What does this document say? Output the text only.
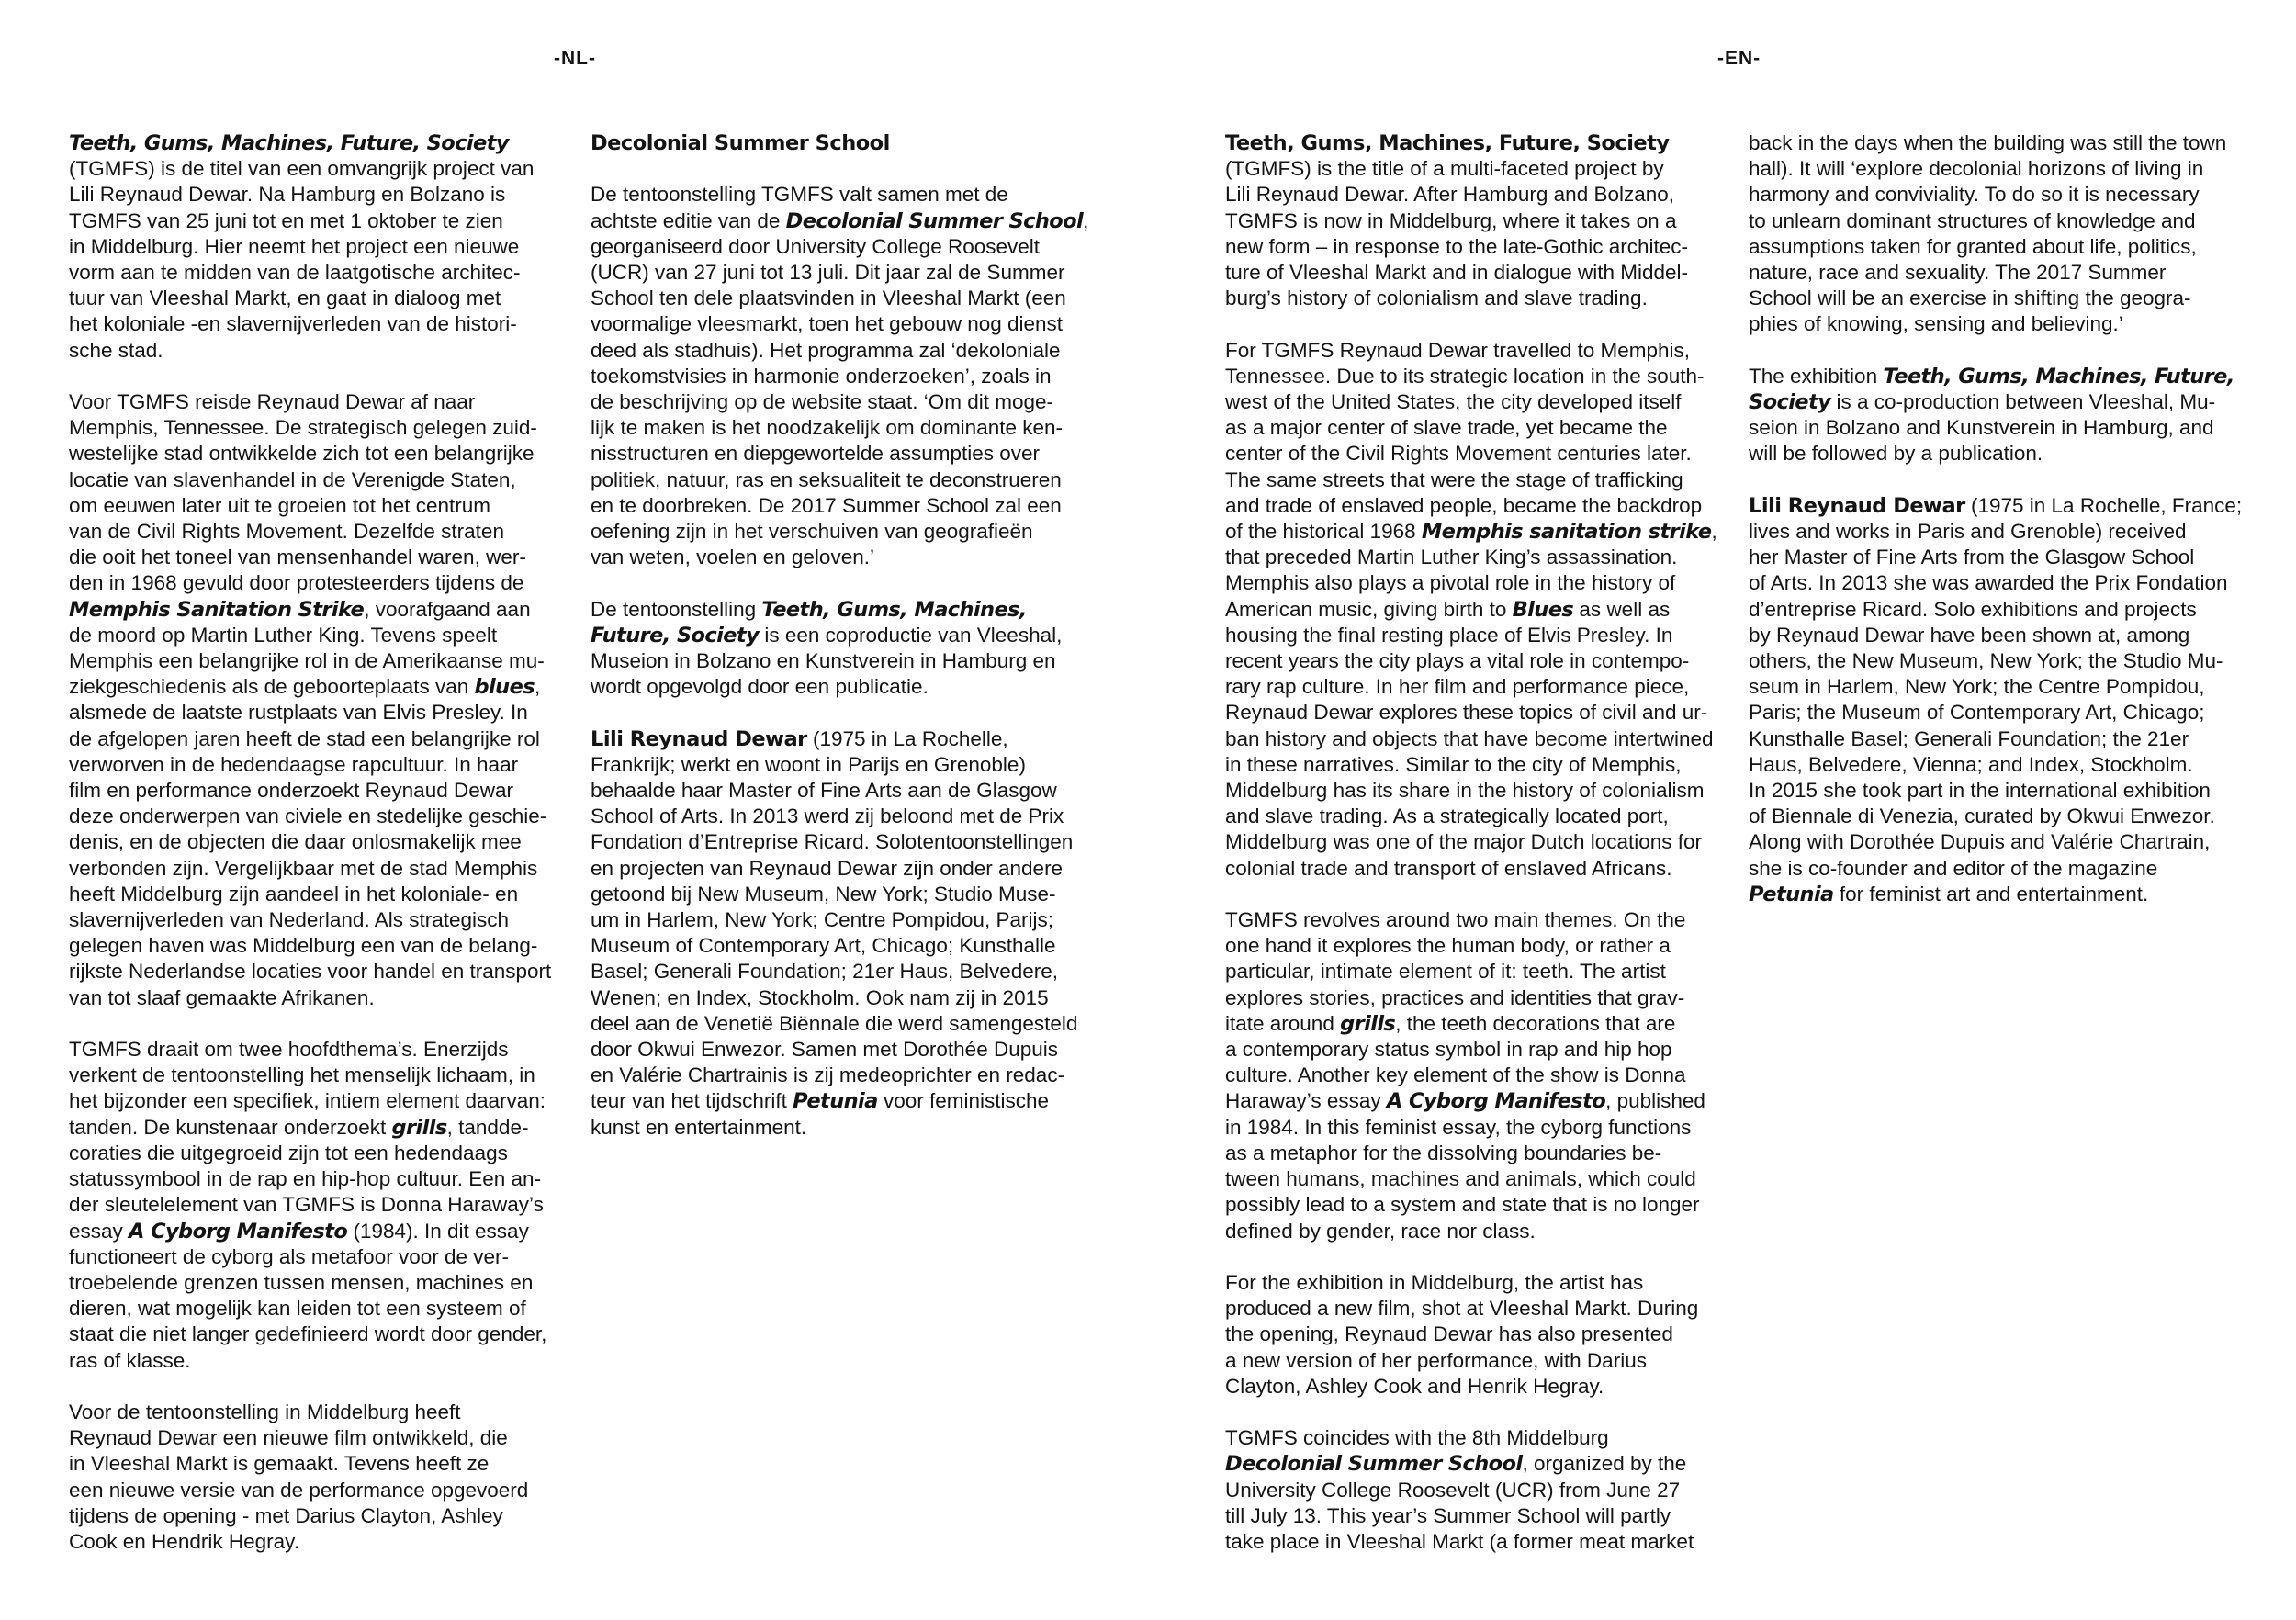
-NL-

Teeth, Gums, Machines, Future, Society
(TGMFS) is de titel van een omvangrijk project van
Lili Reynaud Dewar. Na Hamburg en Bolzano is
TGMFS van 25 juni tot en met 1 oktober te zien
in Middelburg. Hier neemt het project een nieuwe
vorm aan te midden van de laatgotische architec-
tuur van Vleeshal Markt, en gaat in dialoog met
het koloniale -en slavernijverleden van de histori-
sche stad.

Voor TGMFS reisde Reynaud Dewar af naar
Memphis, Tennessee. De strategisch gelegen zuid-
westelijke stad ontwikkelde zich tot een belangrijke
locatie van slavenhandel in de Verenigde Staten,
om eeuwen later uit te groeien tot het centrum
van de Civil Rights Movement. Dezelfde straten
die ooit het toneel van mensenhandel waren, wer-
den in 1968 gevuld door protesteerders tijdens de
Memphis Sanitation Strike, voorafgaand aan
de moord op Martin Luther King. Tevens speelt
Memphis een belangrijke rol in de Amerikaanse mu-
ziekgeschiedenis als de geboorteplaats van blues,
alsmede de laatste rustplaats van Elvis Presley. In
de afgelopen jaren heeft de stad een belangrijke rol
verworven in de hedendaagse rapcultuur. In haar
film en performance onderzoekt Reynaud Dewar
deze onderwerpen van civiele en stedelijke geschie-
denis, en de objecten die daar onlosmakelijk mee
verbonden zijn. Vergelijkbaar met de stad Memphis
heeft Middelburg zijn aandeel in het koloniale- en
slavernijverleden van Nederland. Als strategisch
gelegen haven was Middelburg een van de belang-
rijkste Nederlandse locaties voor handel en transport
van tot slaaf gemaakte Afrikanen.

TGMFS draait om twee hoofdthema’s. Enerzijds
verkent de tentoonstelling het menselijk lichaam, in
het bijzonder een specifiek, intiem element daarvan:
tanden. De kunstenaar onderzoekt grills, tandde-
coraties die uitgegroeid zijn tot een hedendaags
statussymbool in de rap en hip-hop cultuur. Een an-
der sleutelelement van TGMFS is Donna Haraway’s
essay A Cyborg Manifesto (1984). In dit essay
functioneert de cyborg als metafoor voor de ver-
troebelende grenzen tussen mensen, machines en
dieren, wat mogelijk kan leiden tot een systeem of
staat die niet langer gedefinieerd wordt door gender,
ras of klasse.

Voor de tentoonstelling in Middelburg heeft
Reynaud Dewar een nieuwe film ontwikkeld, die
in Vleeshal Markt is gemaakt. Tevens heeft ze
een nieuwe versie van de performance opgevoerd
tijdens de opening - met Darius Clayton, Ashley
Cook en Hendrik Hegray.

Decolonial Summer School

De tentoonstelling TGMFS valt samen met de
achtste editie van de Decolonial Summer School,
georganiseerd door University College Roosevelt
(UCR) van 27 juni tot 13 juli. Dit jaar zal de Summer
School ten dele plaatsvinden in Vleeshal Markt (een
voormalige vleesmarkt, toen het gebouw nog dienst
deed als stadhuis). Het programma zal ‘dekoloniale
toekomstvisies in harmonie onderzoeken’, zoals in
de beschrijving op de website staat. ‘Om dit moge-
lijk te maken is het noodzakelijk om dominante ken-
nisstructuren en diepgewortelde assumpties over
politiek, natuur, ras en seksualiteit te deconstrueren
en te doorbreken. De 2017 Summer School zal een
oefening zijn in het verschuiven van geografieën
van weten, voelen en geloven.’

De tentoonstelling Teeth, Gums, Machines,
Future, Society is een coproductie van Vleeshal,
Museion in Bolzano en Kunstverein in Hamburg en
wordt opgevolgd door een publicatie.

Lili Reynaud Dewar (1975 in La Rochelle,
Frankrijk; werkt en woont in Parijs en Grenoble)
behaalde haar Master of Fine Arts aan de Glasgow
School of Arts. In 2013 werd zij beloond met de Prix
Fondation d’Entreprise Ricard. Solotentoonstellingen
en projecten van Reynaud Dewar zijn onder andere
getoond bij New Museum, New York; Studio Muse-
um in Harlem, New York; Centre Pompidou, Parijs;
Museum of Contemporary Art, Chicago; Kunsthalle
Basel; Generali Foundation; 21er Haus, Belvedere,
Wenen; en Index, Stockholm. Ook nam zij in 2015
deel aan de Venetië Biënnale die werd samengesteld
door Okwui Enwezor. Samen met Dorothée Dupuis
en Valérie Chartrainis is zij medeoprichter en redac-
teur van het tijdschrift Petunia voor feministische
kunst en entertainment.

-EN-

Teeth, Gums, Machines, Future, Society
(TGMFS) is the title of a multi-faceted project by
Lili Reynaud Dewar. After Hamburg and Bolzano,
TGMFS is now in Middelburg, where it takes on a
new form – in response to the late-Gothic architec-
ture of Vleeshal Markt and in dialogue with Middel-
burg’s history of colonialism and slave trading.

For TGMFS Reynaud Dewar travelled to Memphis,
Tennessee. Due to its strategic location in the south-
west of the United States, the city developed itself
as a major center of slave trade, yet became the
center of the Civil Rights Movement centuries later.
The same streets that were the stage of trafficking
and trade of enslaved people, became the backdrop
of the historical 1968 Memphis sanitation strike,
that preceded Martin Luther King’s assassination.
Memphis also plays a pivotal role in the history of
American music, giving birth to Blues as well as
housing the final resting place of Elvis Presley. In
recent years the city plays a vital role in contempo-
rary rap culture. In her film and performance piece,
Reynaud Dewar explores these topics of civil and ur-
ban history and objects that have become intertwined
in these narratives. Similar to the city of Memphis,
Middelburg has its share in the history of colonialism
and slave trading. As a strategically located port,
Middelburg was one of the major Dutch locations for
colonial trade and transport of enslaved Africans.

TGMFS revolves around two main themes. On the
one hand it explores the human body, or rather a
particular, intimate element of it: teeth. The artist
explores stories, practices and identities that grav-
itate around grills, the teeth decorations that are
a contemporary status symbol in rap and hip hop
culture. Another key element of the show is Donna
Haraway’s essay A Cyborg Manifesto, published
in 1984. In this feminist essay, the cyborg functions
as a metaphor for the dissolving boundaries be-
tween humans, machines and animals, which could
possibly lead to a system and state that is no longer
defined by gender, race nor class.

For the exhibition in Middelburg, the artist has
produced a new film, shot at Vleeshal Markt. During
the opening, Reynaud Dewar has also presented
a new version of her performance, with Darius
Clayton, Ashley Cook and Henrik Hegray.

TGMFS coincides with the 8th Middelburg
Decolonial Summer School, organized by the
University College Roosevelt (UCR) from June 27
till July 13. This year’s Summer School will partly
take place in Vleeshal Markt (a former meat market

back in the days when the building was still the town
hall). It will ‘explore decolonial horizons of living in
harmony and conviviality. To do so it is necessary
to unlearn dominant structures of knowledge and
assumptions taken for granted about life, politics,
nature, race and sexuality. The 2017 Summer
School will be an exercise in shifting the geogra-
phies of knowing, sensing and believing.’

The exhibition Teeth, Gums, Machines, Future,
Society is a co-production between Vleeshal, Mu-
seion in Bolzano and Kunstverein in Hamburg, and
will be followed by a publication.

Lili Reynaud Dewar (1975 in La Rochelle, France;
lives and works in Paris and Grenoble) received
her Master of Fine Arts from the Glasgow School
of Arts. In 2013 she was awarded the Prix Fondation
d’entreprise Ricard. Solo exhibitions and projects
by Reynaud Dewar have been shown at, among
others, the New Museum, New York; the Studio Mu-
seum in Harlem, New York; the Centre Pompidou,
Paris; the Museum of Contemporary Art, Chicago;
Kunsthalle Basel; Generali Foundation; the 21er
Haus, Belvedere, Vienna; and Index, Stockholm.
In 2015 she took part in the international exhibition
of Biennale di Venezia, curated by Okwui Enwezor.
Along with Dorothée Dupuis and Valérie Chartrain,
she is co-founder and editor of the magazine
Petunia for feminist art and entertainment.
